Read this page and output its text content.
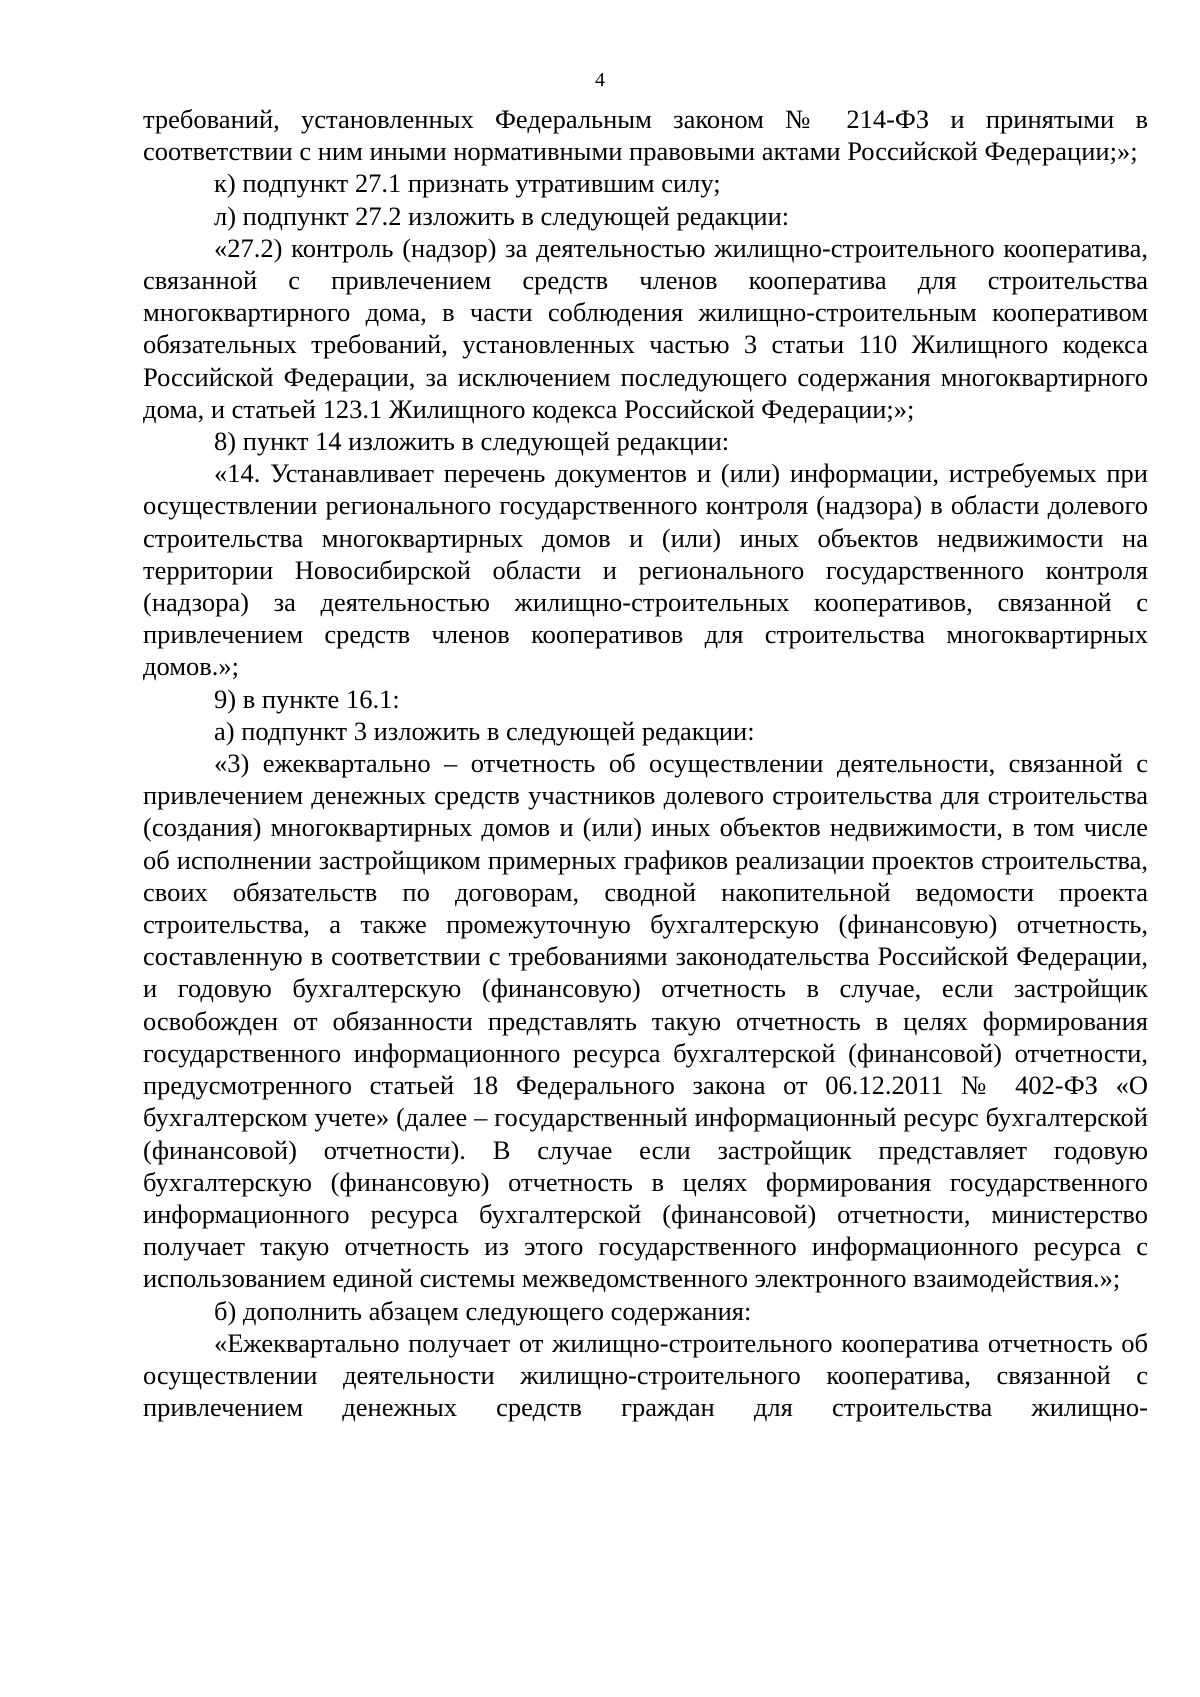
4

требований, установленных Федеральным законом № 214-ФЗ и принятыми в соответствии с ним иными нормативными правовыми актами Российской Федерации;»;

к) подпункт 27.1 признать утратившим силу;

л) подпункт 27.2 изложить в следующей редакции:

«27.2) контроль (надзор) за деятельностью жилищно-строительного кооператива, связанной с привлечением средств членов кооператива для строительства многоквартирного дома, в части соблюдения жилищно-строительным кооперативом обязательных требований, установленных частью 3 статьи 110 Жилищного кодекса Российской Федерации, за исключением последующего содержания многоквартирного дома, и статьей 123.1 Жилищного кодекса Российской Федерации;»;

8) пункт 14 изложить в следующей редакции:

«14. Устанавливает перечень документов и (или) информации, истребуемых при осуществлении регионального государственного контроля (надзора) в области долевого строительства многоквартирных домов и (или) иных объектов недвижимости на территории Новосибирской области и регионального государственного контроля (надзора) за деятельностью жилищно-строительных кооперативов, связанной с привлечением средств членов кооперативов для строительства многоквартирных домов.»;

9) в пункте 16.1:

а) подпункт 3 изложить в следующей редакции:

«3) ежеквартально – отчетность об осуществлении деятельности, связанной с привлечением денежных средств участников долевого строительства для строительства (создания) многоквартирных домов и (или) иных объектов недвижимости, в том числе об исполнении застройщиком примерных графиков реализации проектов строительства, своих обязательств по договорам, сводной накопительной ведомости проекта строительства, а также промежуточную бухгалтерскую (финансовую) отчетность, составленную в соответствии с требованиями законодательства Российской Федерации, и годовую бухгалтерскую (финансовую) отчетность в случае, если застройщик освобожден от обязанности представлять такую отчетность в целях формирования государственного информационного ресурса бухгалтерской (финансовой) отчетности, предусмотренного статьей 18 Федерального закона от 06.12.2011 № 402-ФЗ «О бухгалтерском учете» (далее – государственный информационный ресурс бухгалтерской (финансовой) отчетности). В случае если застройщик представляет годовую бухгалтерскую (финансовую) отчетность в целях формирования государственного информационного ресурса бухгалтерской (финансовой) отчетности, министерство получает такую отчетность из этого государственного информационного ресурса с использованием единой системы межведомственного электронного взаимодействия.»;

б) дополнить абзацем следующего содержания:

«Ежеквартально получает от жилищно-строительного кооператива отчетность об осуществлении деятельности жилищно-строительного кооператива, связанной с привлечением денежных средств граждан для строительства жилищно-
